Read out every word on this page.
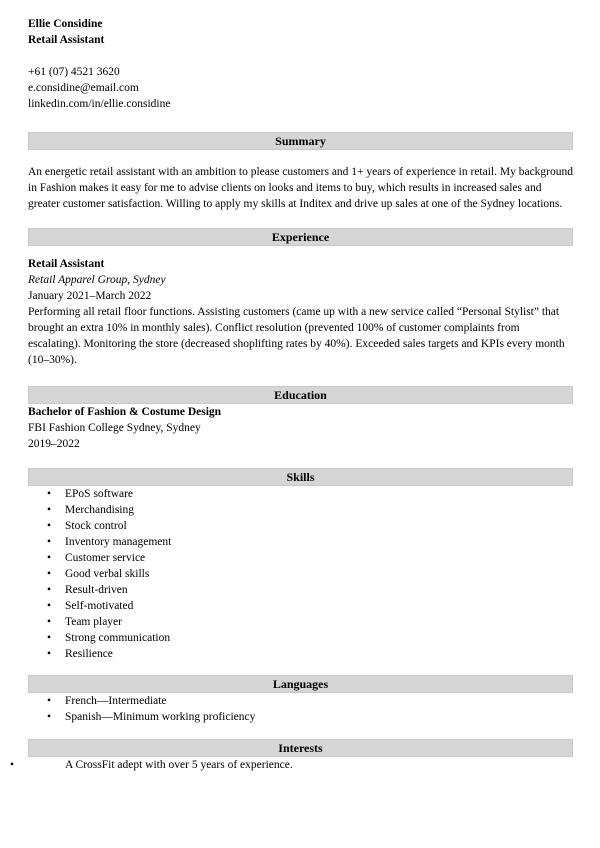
Ellie Considine
Retail Assistant
+61 (07) 4521 3620
e.considine@email.com
linkedin.com/in/ellie.considine
Summary

An energetic retail assistant with an ambition to please customers and 1+ years of experience in retail. My background in Fashion makes it easy for me to advise clients on looks and items to buy, which results in increased sales and greater customer satisfaction. Willing to apply my skills at Inditex and drive up sales at one of the Sydney locations.

Experience
Retail Assistant
Retail Apparel Group, Sydney
January 2021–March 2022
Performing all retail floor functions. Assisting customers (came up with a new service called “Personal Stylist” that brought an extra 10% in monthly sales). Conflict resolution (prevented 100% of customer complaints from escalating). Monitoring the store (decreased shoplifting rates by 40%). Exceeded sales targets and KPIs every month (10–30%).
Education
Bachelor of Fashion & Costume Design
FBI Fashion College Sydney, Sydney
2019–2022
Skills
• EPoS software
• Merchandising
• Stock control
• Inventory management
• Customer service
• Good verbal skills
• Result-driven
• Self-motivated
• Team player
• Strong communication
• Resilience
Languages
• French—Intermediate
• Spanish—Minimum working proficiency
Interests
• A CrossFit adept with over 5 years of experience.
